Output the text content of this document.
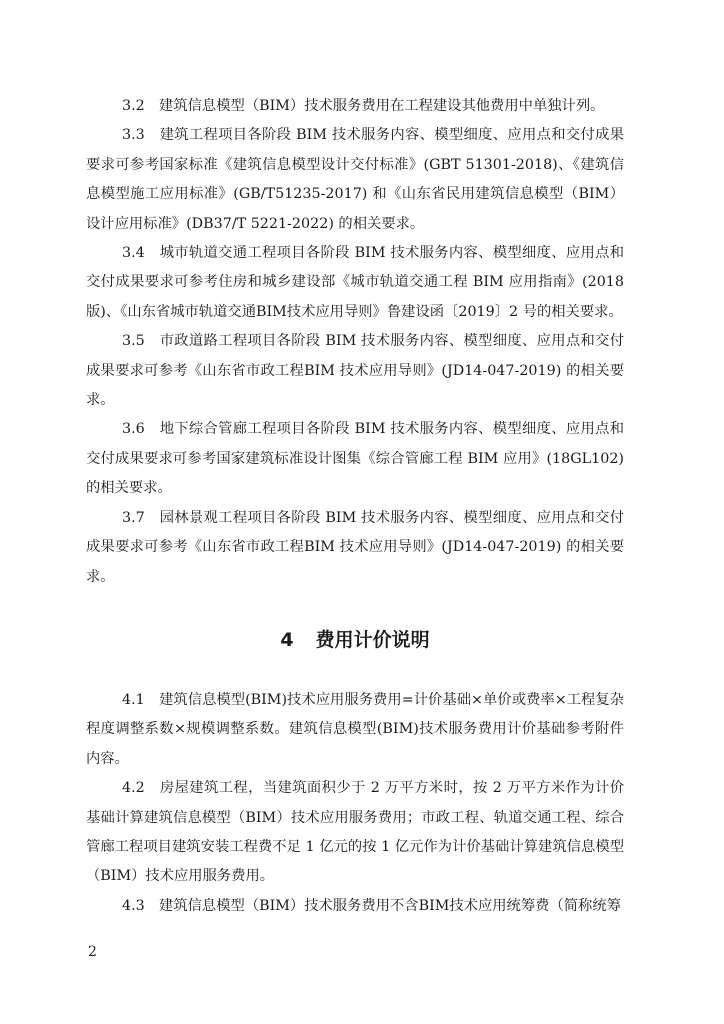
3.2　建筑信息模型（BIM）技术服务费用在工程建设其他费用中单独计列。

3.3　建筑工程项目各阶段 BIM 技术服务内容、模型细度、应用点和交付成果要求可参考国家标准《建筑信息模型设计交付标准》(GBT 51301-2018)、《建筑信息模型施工应用标准》(GB/T51235-2017) 和《山东省民用建筑信息模型（BIM）设计应用标准》(DB37/T 5221-2022) 的相关要求。

3.4　城市轨道交通工程项目各阶段 BIM 技术服务内容、模型细度、应用点和交付成果要求可参考住房和城乡建设部《城市轨道交通工程 BIM 应用指南》(2018版)、《山东省城市轨道交通BIM技术应用导则》鲁建设函〔2019〕2 号的相关要求。

3.5　市政道路工程项目各阶段 BIM 技术服务内容、模型细度、应用点和交付成果要求可参考《山东省市政工程BIM 技术应用导则》(JD14-047-2019) 的相关要求。

3.6　地下综合管廊工程项目各阶段 BIM 技术服务内容、模型细度、应用点和交付成果要求可参考国家建筑标准设计图集《综合管廊工程 BIM 应用》(18GL102) 的相关要求。

3.7　园林景观工程项目各阶段 BIM 技术服务内容、模型细度、应用点和交付成果要求可参考《山东省市政工程BIM 技术应用导则》(JD14-047-2019) 的相关要求。

4 费用计价说明

4.1　建筑信息模型(BIM)技术应用服务费用=计价基础×单价或费率×工程复杂程度调整系数×规模调整系数。建筑信息模型(BIM)技术服务费用计价基础参考附件内容。

4.2　房屋建筑工程，当建筑面积少于 2 万平方米时，按 2 万平方米作为计价基础计算建筑信息模型（BIM）技术应用服务费用；市政工程、轨道交通工程、综合管廊工程项目建筑安装工程费不足 1 亿元的按 1 亿元作为计价基础计算建筑信息模型（BIM）技术应用服务费用。

4.3　建筑信息模型（BIM）技术服务费用不含BIM技术应用统筹费（简称统筹

2
